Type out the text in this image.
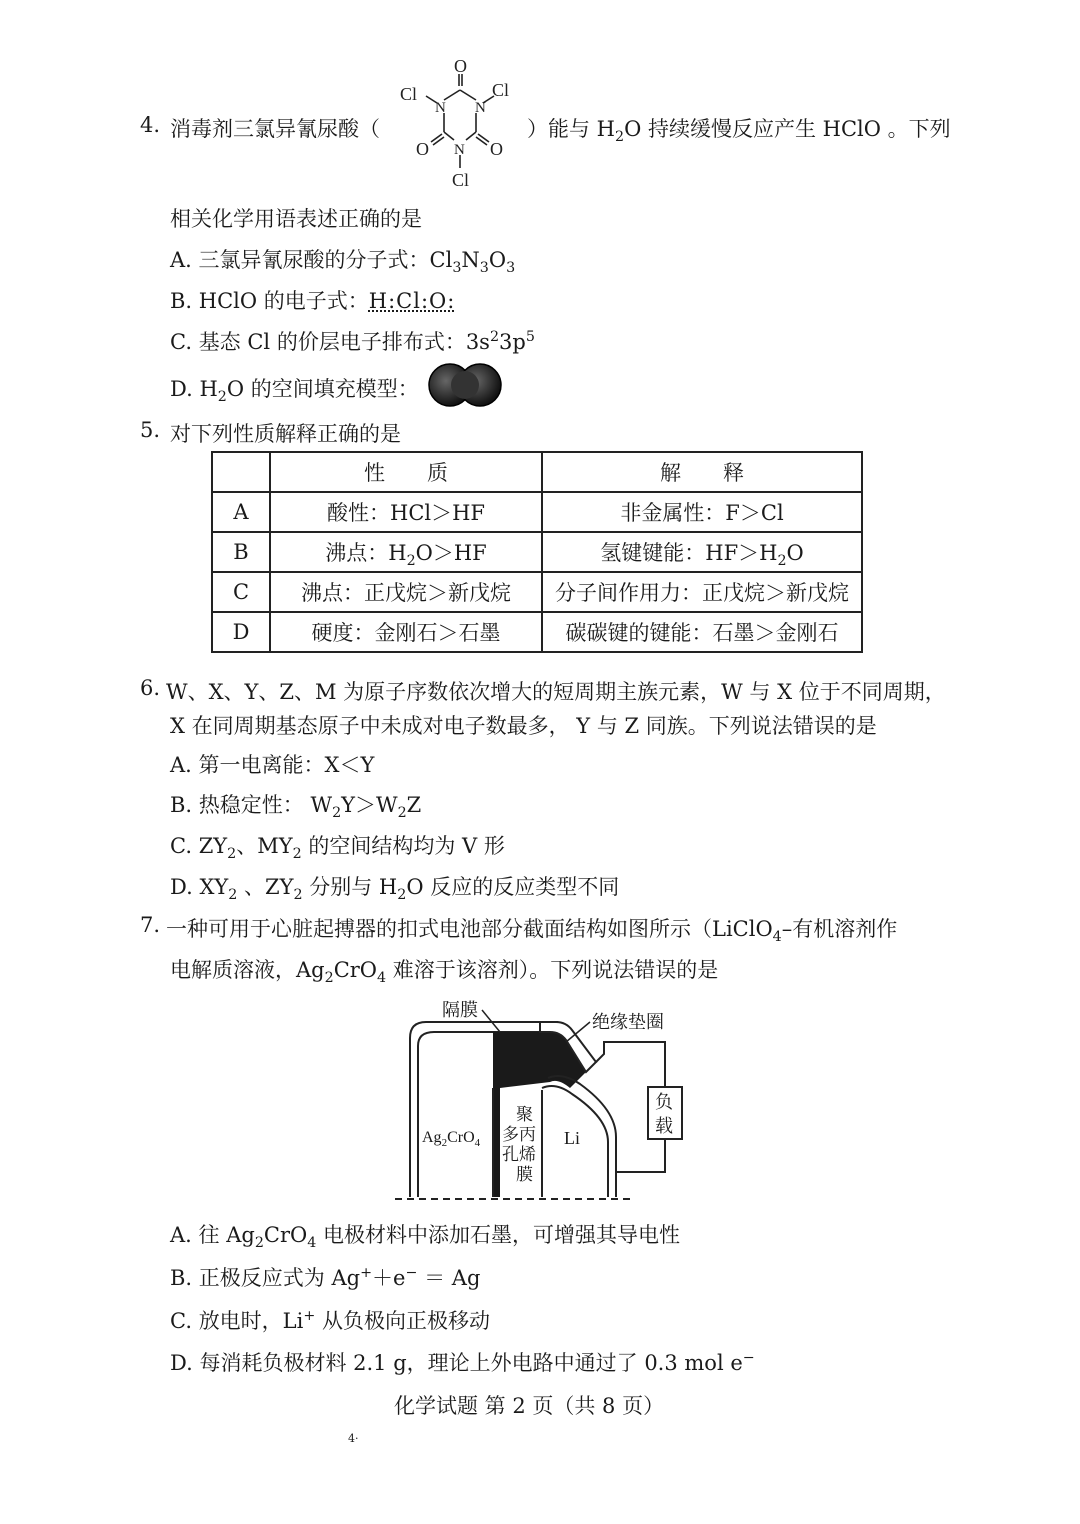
4. 消毒剂三氯异氰尿酸（
O
N
N
N
Cl
Cl
Cl
O
O
）能与 $H_2O$ 持续缓慢反应产生 HClO 。下列
相关化学用语表述正确的是
A. 三氯异氰尿酸的分子式：$Cl_3N_3O_3$
B. HClO 的电子式：H:Cl:O:
C. 基态 Cl 的价层电子排布式：$3s^23p^5$
D. $H_2O$ 的空间填充模型：
5. 对下列性质解释正确的是
	性　　质	解　　释
A	酸性：HCl＞HF	非金属性：F＞Cl
B	沸点：$H_2O>HF$	氢键键能：$HF>H_2O$
C	沸点：正戊烷＞新戊烷	分子间作用力：正戊烷＞新戊烷
D	硬度：金刚石＞石墨	碳碳键的键能：石墨＞金刚石
6. W、X、Y、Z、M 为原子序数依次增大的短周期主族元素，W 与 X 位于不同周期，
X 在同周期基态原子中未成对电子数最多， Y 与 Z 同族。下列说法错误的是
A. 第一电离能：X＜Y
B. 热稳定性： $W_2Y>W_2Z$
C. $ZY_2$、$MY_2$ 的空间结构均为 V 形
D. $XY_2$ 、$ZY_2$ 分别与 $H_2O$ 反应的反应类型不同
7. 一种可用于心脏起搏器的扣式电池部分截面结构如图所示（LiClO$_4$–有机溶剂作
电解质溶液，$Ag_2CrO_4$ 难溶于该溶剂）。下列说法错误的是
隔膜
绝缘垫圈
负
载
$Ag_2CrO_4$
聚
多丙
孔烯
膜
Li
A. 往 $Ag_2CrO_4$ 电极材料中添加石墨，可增强其导电性
B. 正极反应式为 Ag+＋e− ＝ Ag
C. 放电时，Li+ 从负极向正极移动
D. 每消耗负极材料 2.1 g，理论上外电路中通过了 0.3 mol e−
化学试题 第 2 页（共 8 页）
4·
